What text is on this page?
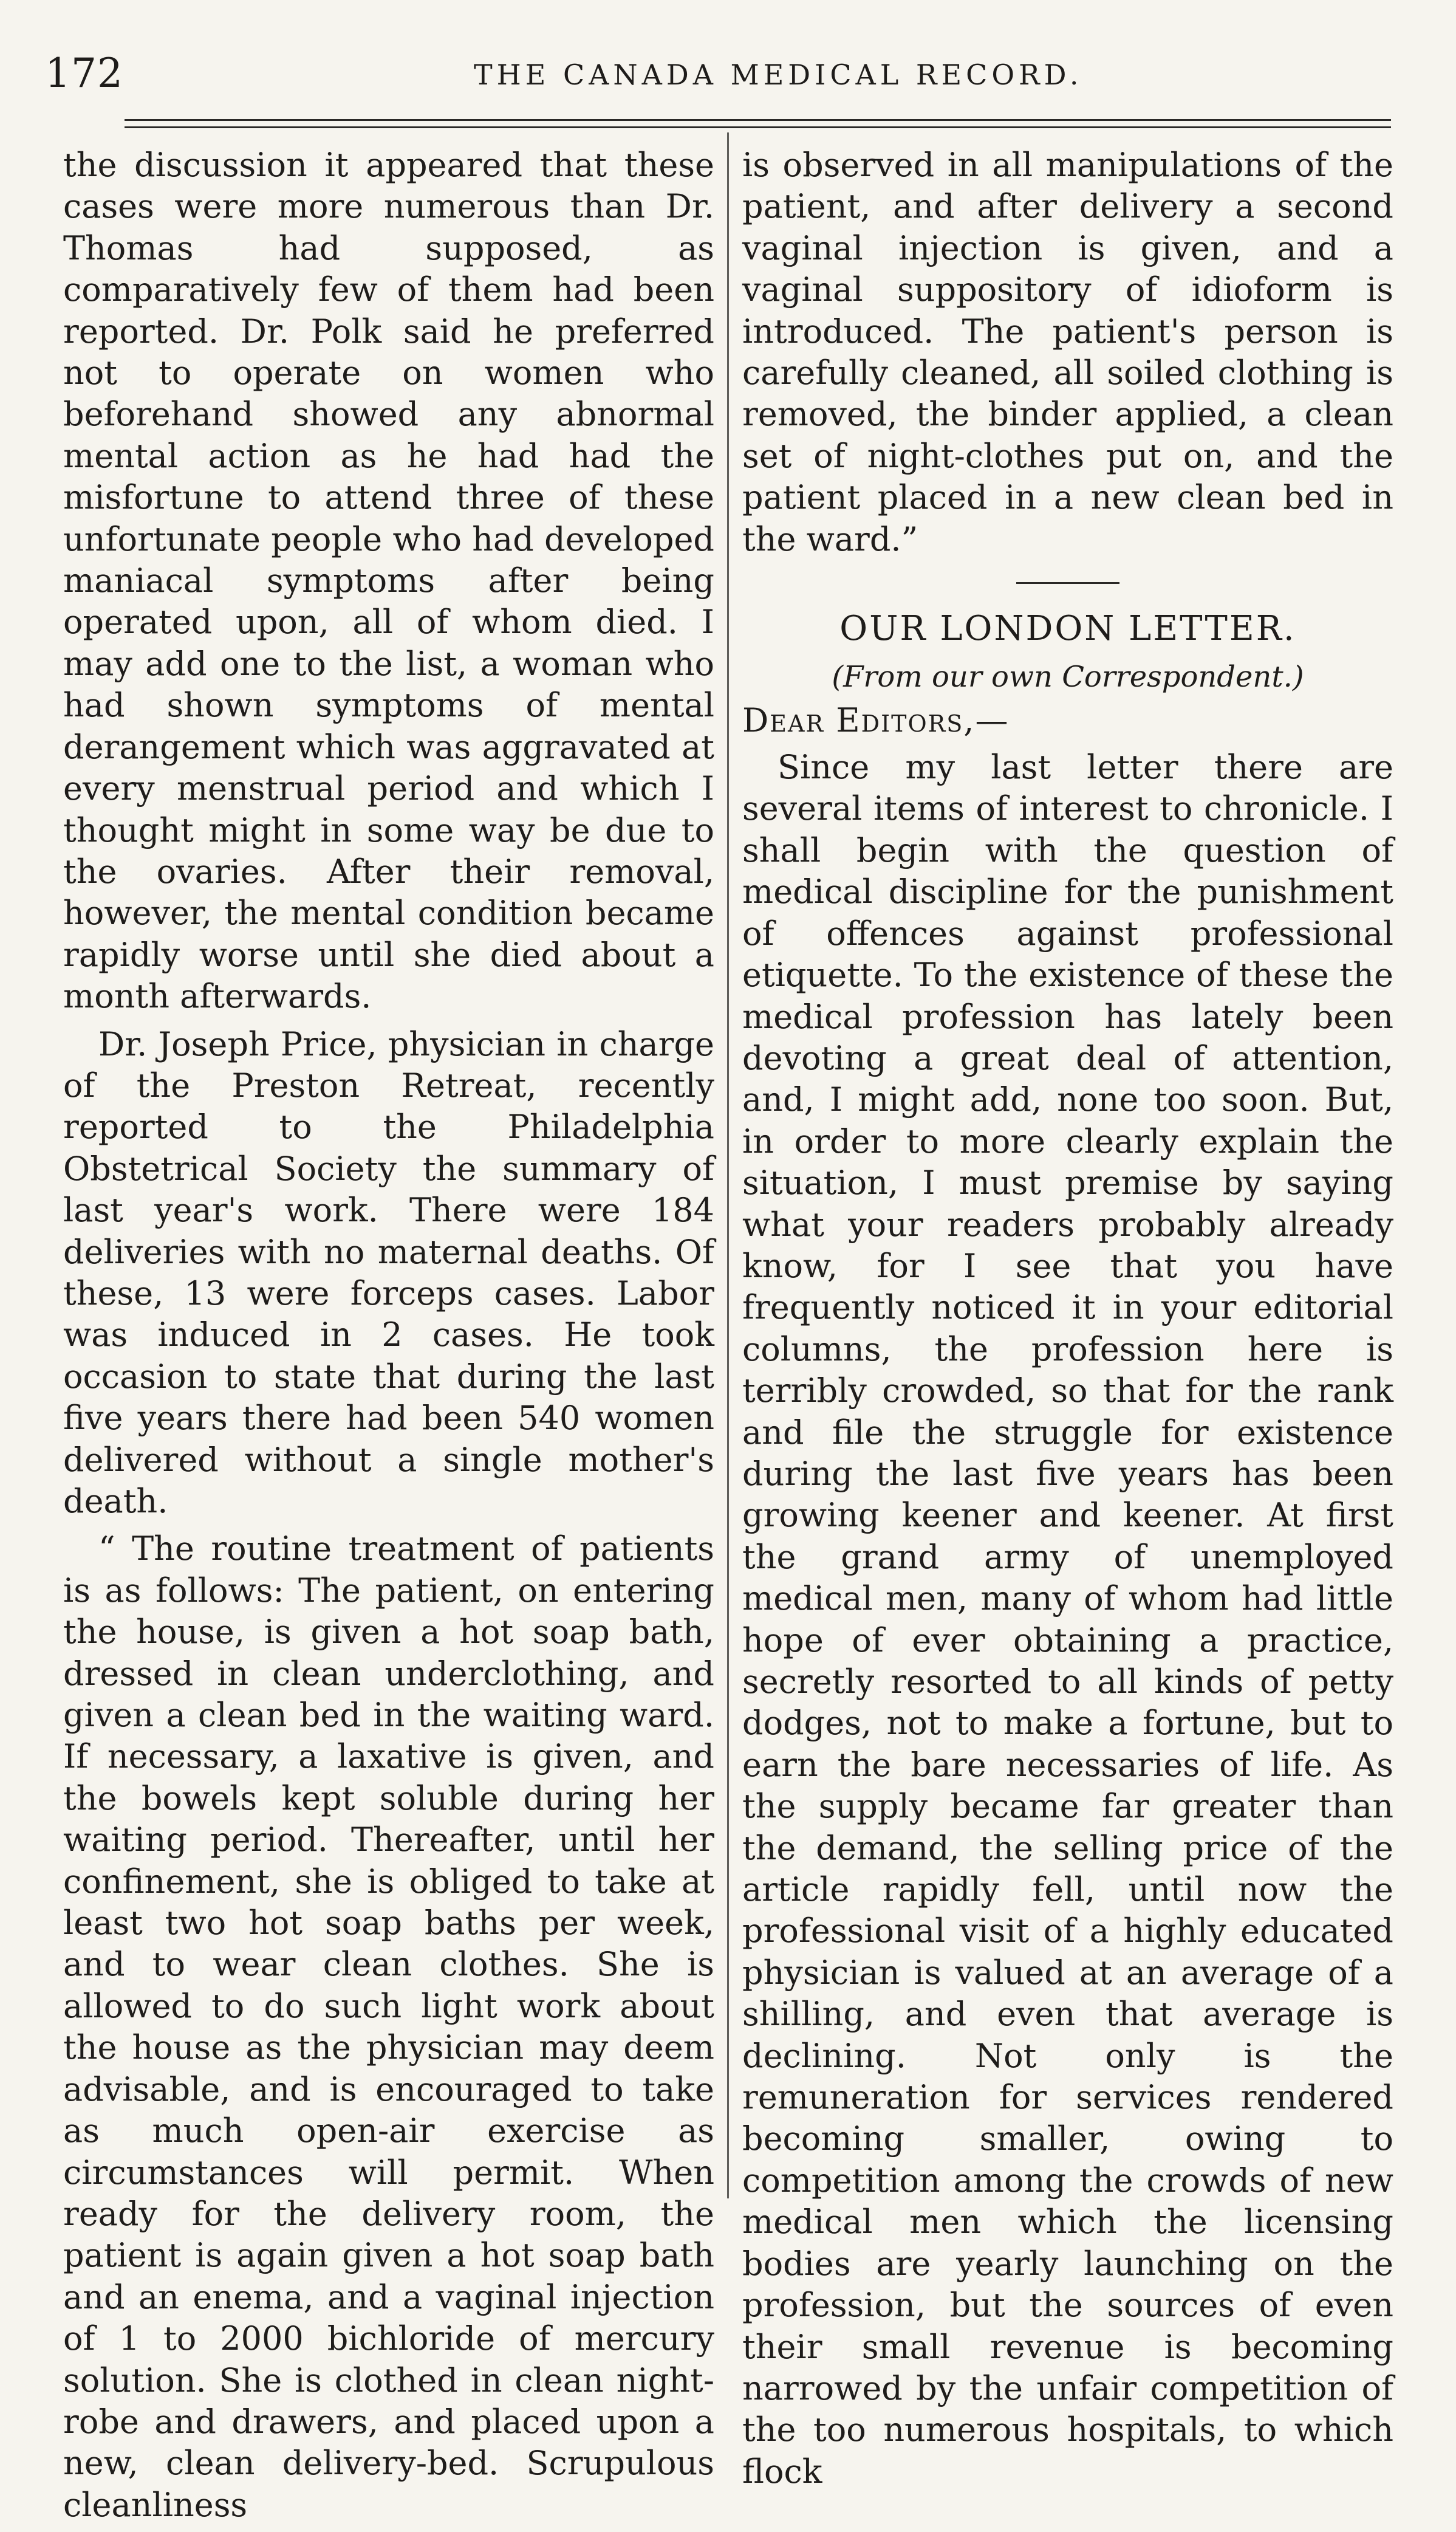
172	THE CANADA MEDICAL RECORD.

the discussion it appeared that these cases were more numerous than Dr. Thomas had supposed, as comparatively few of them had been reported. Dr. Polk said he preferred not to operate on women who beforehand showed any abnormal mental action as he had had the misfortune to attend three of these unfortunate people who had developed maniacal symptoms after being operated upon, all of whom died. I may add one to the list, a woman who had shown symptoms of mental derangement which was aggravated at every menstrual period and which I thought might in some way be due to the ovaries. After their removal, however, the mental condition became rapidly worse until she died about a month afterwards.

Dr. Joseph Price, physician in charge of the Preston Retreat, recently reported to the Philadelphia Obstetrical Society the summary of last year's work. There were 184 deliveries with no maternal deaths. Of these, 13 were forceps cases. Labor was induced in 2 cases. He took occasion to state that during the last five years there had been 540 women delivered without a single mother's death.

“ The routine treatment of patients is as follows: The patient, on entering the house, is given a hot soap bath, dressed in clean underclothing, and given a clean bed in the waiting ward. If necessary, a laxative is given, and the bowels kept soluble during her waiting period. Thereafter, until her confinement, she is obliged to take at least two hot soap baths per week, and to wear clean clothes. She is allowed to do such light work about the house as the physician may deem advisable, and is encouraged to take as much open-air exercise as circumstances will permit. When ready for the delivery room, the patient is again given a hot soap bath and an enema, and a vaginal injection of 1 to 2000 bichloride of mercury solution. She is clothed in clean night-robe and drawers, and placed upon a new, clean delivery-bed. Scrupulous cleanliness

is observed in all manipulations of the patient, and after delivery a second vaginal injection is given, and a vaginal suppository of idioform is introduced. The patient's person is carefully cleaned, all soiled clothing is removed, the binder applied, a clean set of night-clothes put on, and the patient placed in a new clean bed in the ward.”

OUR LONDON LETTER.
(From our own Correspondent.)
Dear Editors,—

Since my last letter there are several items of interest to chronicle. I shall begin with the question of medical discipline for the punishment of offences against professional etiquette. To the existence of these the medical profession has lately been devoting a great deal of attention, and, I might add, none too soon. But, in order to more clearly explain the situation, I must premise by saying what your readers probably already know, for I see that you have frequently noticed it in your editorial columns, the profession here is terribly crowded, so that for the rank and file the struggle for existence during the last five years has been growing keener and keener. At first the grand army of unemployed medical men, many of whom had little hope of ever obtaining a practice, secretly resorted to all kinds of petty dodges, not to make a fortune, but to earn the bare necessaries of life. As the supply became far greater than the demand, the selling price of the article rapidly fell, until now the professional visit of a highly educated physician is valued at an average of a shilling, and even that average is declining. Not only is the remuneration for services rendered becoming smaller, owing to competition among the crowds of new medical men which the licensing bodies are yearly launching on the profession, but the sources of even their small revenue is becoming narrowed by the unfair competition of the too numerous hospitals, to which flock
